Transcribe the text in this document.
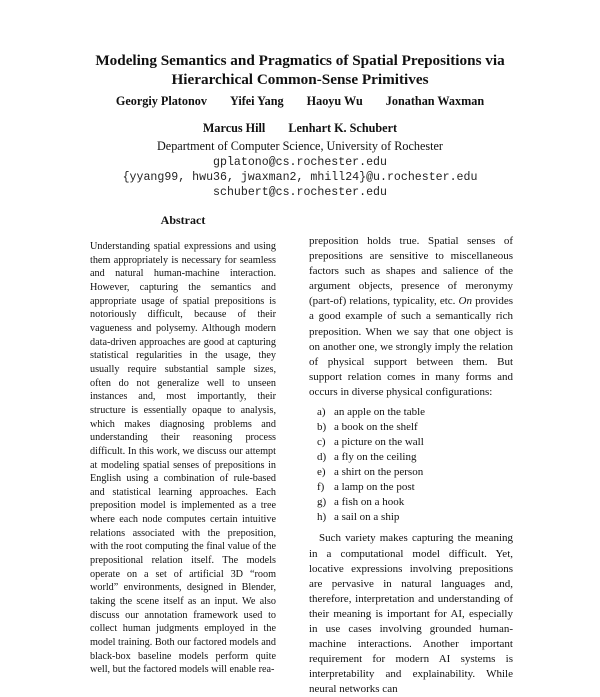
Modeling Semantics and Pragmatics of Spatial Prepositions via Hierarchical Common-Sense Primitives
Georgiy Platonov Yifei Yang Haoyu Wu Jonathan Waxman
Marcus Hill Lenhart K. Schubert
Department of Computer Science, University of Rochester
gplatono@cs.rochester.edu
{yyang99, hwu36, jwaxman2, mhill24}@u.rochester.edu
schubert@cs.rochester.edu
Abstract
Understanding spatial expressions and using them appropriately is necessary for seamless and natural human-machine interaction. However, capturing the semantics and appropriate usage of spatial prepositions is notoriously difficult, because of their vagueness and polysemy. Although modern data-driven approaches are good at capturing statistical regularities in the usage, they usually require substantial sample sizes, often do not generalize well to unseen instances and, most importantly, their structure is essentially opaque to analysis, which makes diagnosing problems and understanding their reasoning process difficult. In this work, we discuss our attempt at modeling spatial senses of prepositions in English using a combination of rule-based and statistical learning approaches. Each preposition model is implemented as a tree where each node computes certain intuitive relations associated with the preposition, with the root computing the final value of the prepositional relation itself. The models operate on a set of artificial 3D “room world” environments, designed in Blender, taking the scene itself as an input. We also discuss our annotation framework used to collect human judgments employed in the model training. Both our factored models and black-box baseline models perform quite well, but the factored models will enable rea-

preposition holds true. Spatial senses of prepositions are sensitive to miscellaneous factors such as shapes and salience of the argument objects, presence of meronymy (part-of) relations, typicality, etc. On provides a good example of such a semantically rich preposition. When we say that one object is on another one, we strongly imply the relation of physical support between them. But support relation comes in many forms and occurs in diverse physical configurations:

a) an apple on the table
b) a book on the shelf
c) a picture on the wall
d) a fly on the ceiling
e) a shirt on the person
f) a lamp on the post
g) a fish on a hook
h) a sail on a ship

Such variety makes capturing the meaning in a computational model difficult. Yet, locative expressions involving prepositions are pervasive in natural languages and, therefore, interpretation and understanding of their meaning is important for AI, especially in use cases involving grounded human-machine interactions. Another important requirement for modern AI systems is interpretability and explainability. While neural networks can
